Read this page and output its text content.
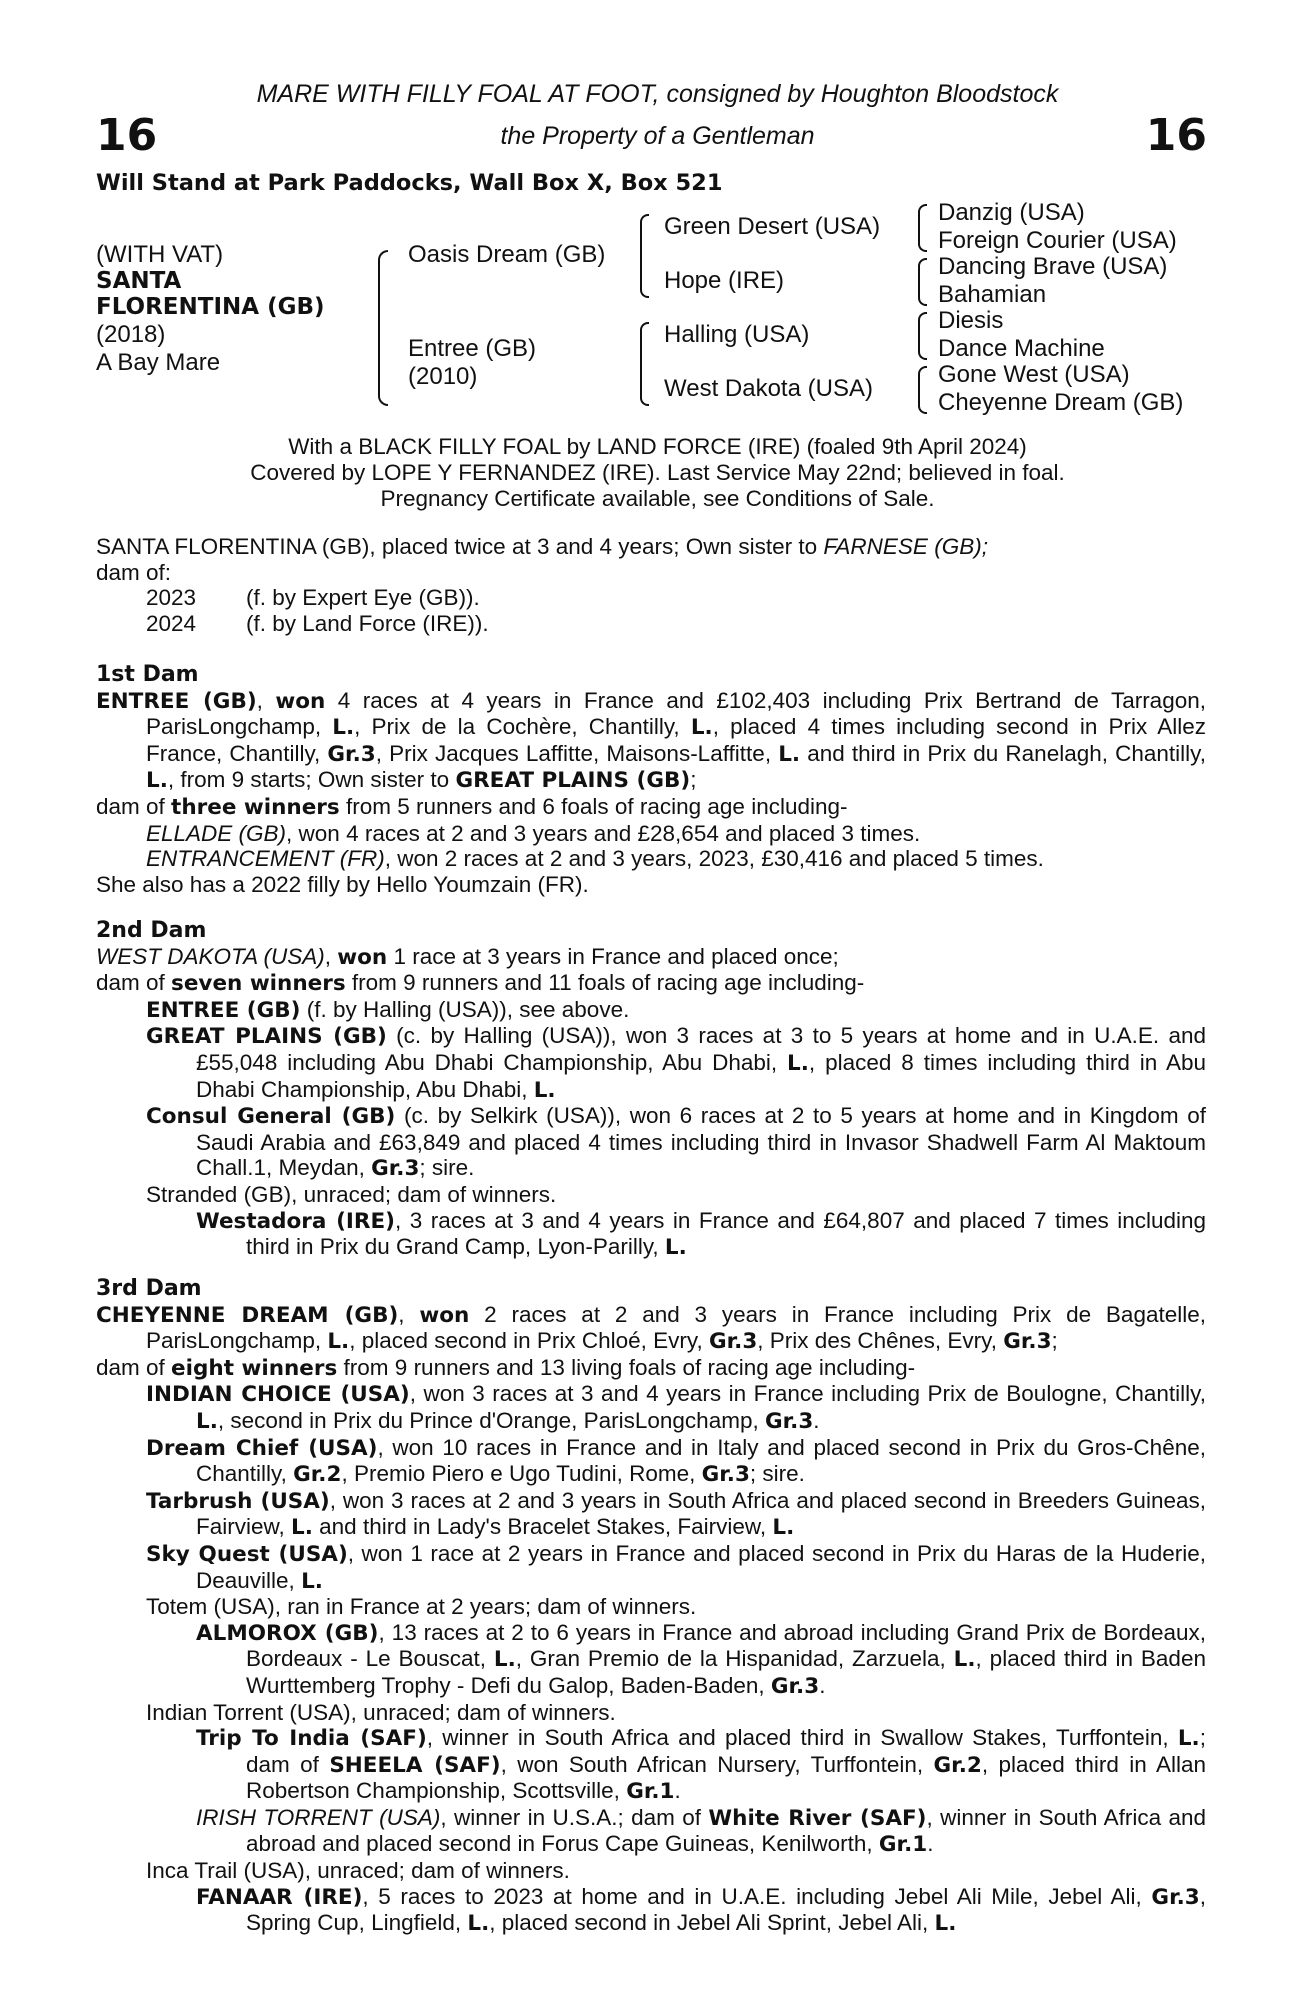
MARE WITH FILLY FOAL AT FOOT, consigned by Houghton Bloodstock
the Property of a Gentleman
16	16
Will Stand at Park Paddocks, Wall Box X, Box 521
(WITH VAT)
SANTA
FLORENTINA (GB)
(2018)
A Bay Mare
Oasis Dream (GB)
Entree (GB)
(2010)
Green Desert (USA)
Hope (IRE)
Halling (USA)
West Dakota (USA)
Danzig (USA)
Foreign Courier (USA)
Dancing Brave (USA)
Bahamian
Diesis
Dance Machine
Gone West (USA)
Cheyenne Dream (GB)
With a BLACK FILLY FOAL by LAND FORCE (IRE) (foaled 9th April 2024)
Covered by LOPE Y FERNANDEZ (IRE). Last Service May 22nd; believed in foal.
Pregnancy Certificate available, see Conditions of Sale.

SANTA FLORENTINA (GB), placed twice at 3 and 4 years; Own sister to FARNESE (GB);

dam of:

2023 (f. by Expert Eye (GB)).

2024 (f. by Land Force (IRE)).

1st Dam

ENTREE (GB), won 4 races at 4 years in France and £102,403 including Prix Bertrand de Tarragon, ParisLongchamp, L., Prix de la Cochère, Chantilly, L., placed 4 times including second in Prix Allez France, Chantilly, Gr.3, Prix Jacques Laffitte, Maisons-Laffitte, L. and third in Prix du Ranelagh, Chantilly, L., from 9 starts; Own sister to GREAT PLAINS (GB);

dam of three winners from 5 runners and 6 foals of racing age including-

ELLADE (GB), won 4 races at 2 and 3 years and £28,654 and placed 3 times.

ENTRANCEMENT (FR), won 2 races at 2 and 3 years, 2023, £30,416 and placed 5 times.

She also has a 2022 filly by Hello Youmzain (FR).

2nd Dam

WEST DAKOTA (USA), won 1 race at 3 years in France and placed once;

dam of seven winners from 9 runners and 11 foals of racing age including-

ENTREE (GB) (f. by Halling (USA)), see above.

GREAT PLAINS (GB) (c. by Halling (USA)), won 3 races at 3 to 5 years at home and in U.A.E. and £55,048 including Abu Dhabi Championship, Abu Dhabi, L., placed 8 times including third in Abu Dhabi Championship, Abu Dhabi, L.

Consul General (GB) (c. by Selkirk (USA)), won 6 races at 2 to 5 years at home and in Kingdom of Saudi Arabia and £63,849 and placed 4 times including third in Invasor Shadwell Farm Al Maktoum Chall.1, Meydan, Gr.3; sire.

Stranded (GB), unraced; dam of winners.

Westadora (IRE), 3 races at 3 and 4 years in France and £64,807 and placed 7 times including third in Prix du Grand Camp, Lyon-Parilly, L.

3rd Dam

CHEYENNE DREAM (GB), won 2 races at 2 and 3 years in France including Prix de Bagatelle, ParisLongchamp, L., placed second in Prix Chloé, Evry, Gr.3, Prix des Chênes, Evry, Gr.3;

dam of eight winners from 9 runners and 13 living foals of racing age including-

INDIAN CHOICE (USA), won 3 races at 3 and 4 years in France including Prix de Boulogne, Chantilly, L., second in Prix du Prince d'Orange, ParisLongchamp, Gr.3.

Dream Chief (USA), won 10 races in France and in Italy and placed second in Prix du Gros-Chêne, Chantilly, Gr.2, Premio Piero e Ugo Tudini, Rome, Gr.3; sire.

Tarbrush (USA), won 3 races at 2 and 3 years in South Africa and placed second in Breeders Guineas, Fairview, L. and third in Lady's Bracelet Stakes, Fairview, L.

Sky Quest (USA), won 1 race at 2 years in France and placed second in Prix du Haras de la Huderie, Deauville, L.

Totem (USA), ran in France at 2 years; dam of winners.

ALMOROX (GB), 13 races at 2 to 6 years in France and abroad including Grand Prix de Bordeaux, Bordeaux - Le Bouscat, L., Gran Premio de la Hispanidad, Zarzuela, L., placed third in Baden Wurttemberg Trophy - Defi du Galop, Baden-Baden, Gr.3.

Indian Torrent (USA), unraced; dam of winners.

Trip To India (SAF), winner in South Africa and placed third in Swallow Stakes, Turffontein, L.; dam of SHEELA (SAF), won South African Nursery, Turffontein, Gr.2, placed third in Allan Robertson Championship, Scottsville, Gr.1.

IRISH TORRENT (USA), winner in U.S.A.; dam of White River (SAF), winner in South Africa and abroad and placed second in Forus Cape Guineas, Kenilworth, Gr.1.

Inca Trail (USA), unraced; dam of winners.

FANAAR (IRE), 5 races to 2023 at home and in U.A.E. including Jebel Ali Mile, Jebel Ali, Gr.3, Spring Cup, Lingfield, L., placed second in Jebel Ali Sprint, Jebel Ali, L.
